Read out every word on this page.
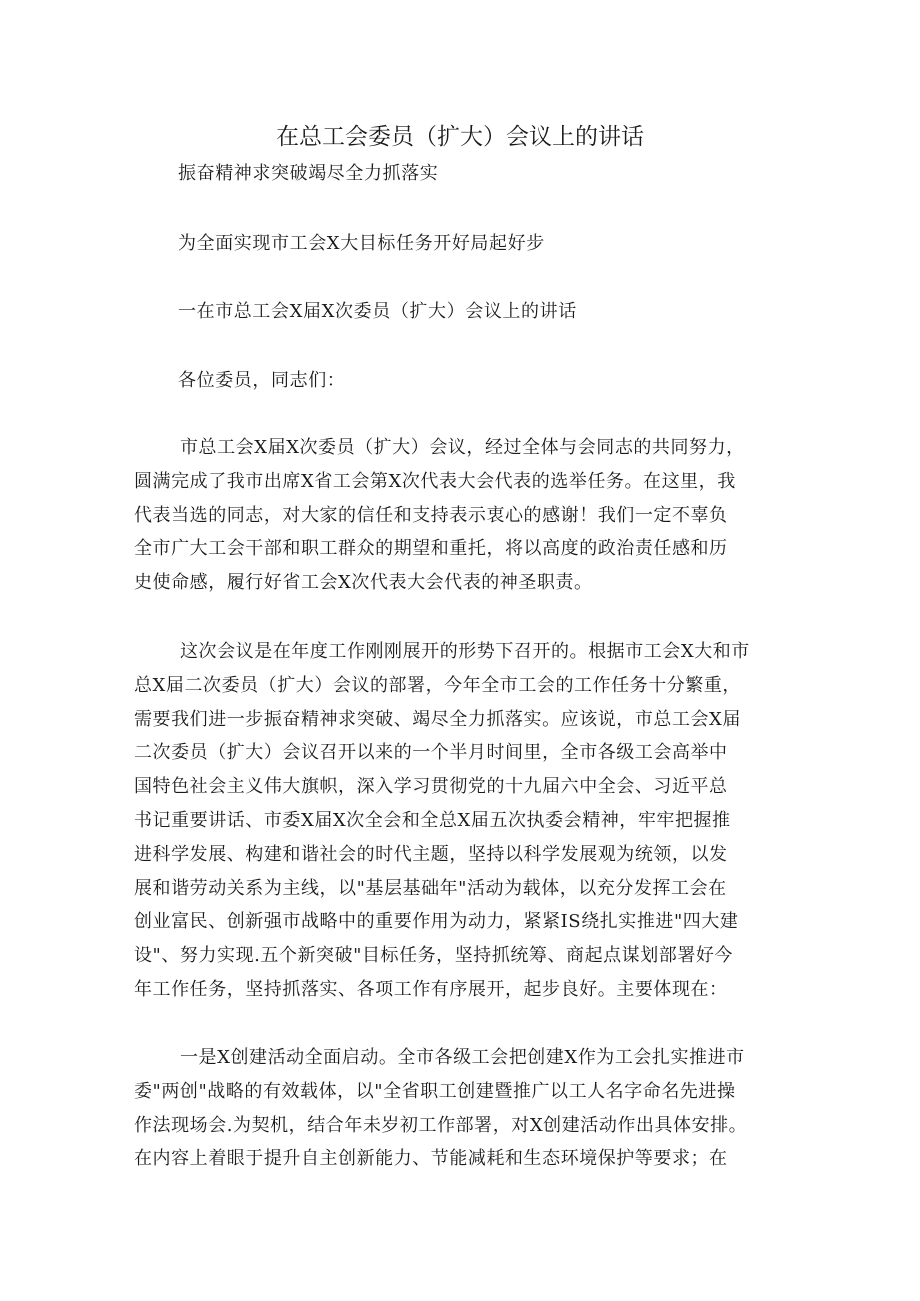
在总工会委员（扩大）会议上的讲话
振奋精神求突破竭尽全力抓落实
为全面实现市工会X大目标任务开好局起好步
一在市总工会X届X次委员（扩大）会议上的讲话
各位委员，同志们：
市总工会X届X次委员（扩大）会议，经过全体与会同志的共同努力，
圆满完成了我市出席X省工会第X次代表大会代表的选举任务。在这里，我
代表当选的同志，对大家的信任和支持表示衷心的感谢！我们一定不辜负
全市广大工会干部和职工群众的期望和重托，将以高度的政治责任感和历
史使命感，履行好省工会X次代表大会代表的神圣职责。
这次会议是在年度工作刚刚展开的形势下召开的。根据市工会X大和市
总X届二次委员（扩大）会议的部署，今年全市工会的工作任务十分繁重，
需要我们进一步振奋精神求突破、竭尽全力抓落实。应该说，市总工会X届
二次委员（扩大）会议召开以来的一个半月时间里，全市各级工会高举中
国特色社会主义伟大旗帜，深入学习贯彻党的十九届六中全会、习近平总
书记重要讲话、市委X届X次全会和全总X届五次执委会精神，牢牢把握推
进科学发展、构建和谐社会的时代主题，坚持以科学发展观为统领，以发
展和谐劳动关系为主线，以"基层基础年"活动为载体，以充分发挥工会在
创业富民、创新强市战略中的重要作用为动力，紧紧IS绕扎实推进"四大建
设"、努力实现.五个新突破"目标任务，坚持抓统筹、商起点谋划部署好今
年工作任务，坚持抓落实、各项工作有序展开，起步良好。主要体现在：
一是X创建活动全面启动。全市各级工会把创建X作为工会扎实推进市
委"两创"战略的有效载体，以"全省职工创建暨推广以工人名字命名先进操
作法现场会.为契机，结合年未岁初工作部署，对X创建活动作出具体安排。
在内容上着眼于提升自主创新能力、节能减耗和生态环境保护等要求；在
